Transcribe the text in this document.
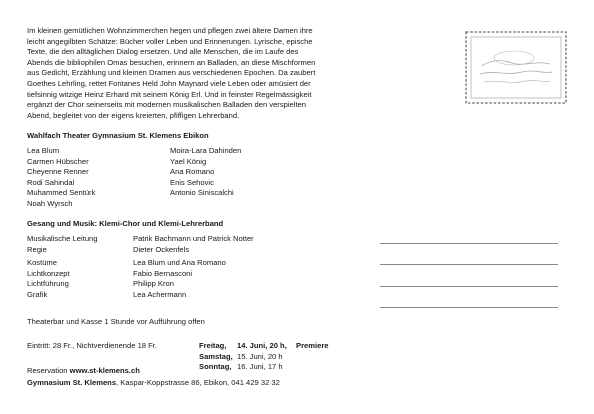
Im kleinen gemütlichen Wohnzimmerchen hegen und pflegen zwei ältere Damen ihre
leicht angegilbten Schätze: Bücher voller Leben und Erinnerungen. Lyrische, epische
Texte, die den alltäglichen Dialog ersetzen. Und alle Menschen, die im Laufe des
Abends die bibliophilen Omas besuchen, erinnern an Balladen, an diese Mischformen
aus Gedicht, Erzählung und kleinen Dramen aus verschiedenen Epochen. Da zaubert
Goethes Lehrling, rettet Fontanes Held John Maynard viele Leben oder amüsiert der
tiefsinnig witzige Heinz Erhard mit seinem König Erl. Und in feinster Regelmässigkeit
ergänzt der Chor seinerseits mit modernen musikalischen Balladen den verspielten
Abend, begleitet von der eigens kreierten, pfiffigen Lehrerband.
Wahlfach Theater Gymnasium St. Klemens Ebikon
Lea Blum
Carmen Hübscher
Cheyenne Renner
Rodi Sahindal
Muhammed Sentürk
Noah Wyrsch
Moira-Lara Dahinden
Yael König
Ana Romano
Enis Sehovic
Antonio Siniscalchi
Gesang und Musik: Klemi-Chor und Klemi-Lehrerband
Musikalische Leitung
Regie
Patrik Bachmann und Patrick Notter
Dieter Ockenfels
Kostüme
Lichtkonzept
Lichtführung
Grafik
Lea Blum und Ana Romano
Fabio Bernasconi
Philipp Kron
Lea Achermann
Theaterbar und Kasse 1 Stunde vor Aufführung offen
Eintritt: 28 Fr., Nichtverdienende 18 Fr.	Freitag,
Samstag,
Sonntag,
14. Juni, 20 h,
15. Juni, 20 h
16. Juni, 17 h
Premiere
Reservation www.st-klemens.ch
Gymnasium St. Klemens, Kaspar-Koppstrasse 86, Ebikon, 041 429 32 32
